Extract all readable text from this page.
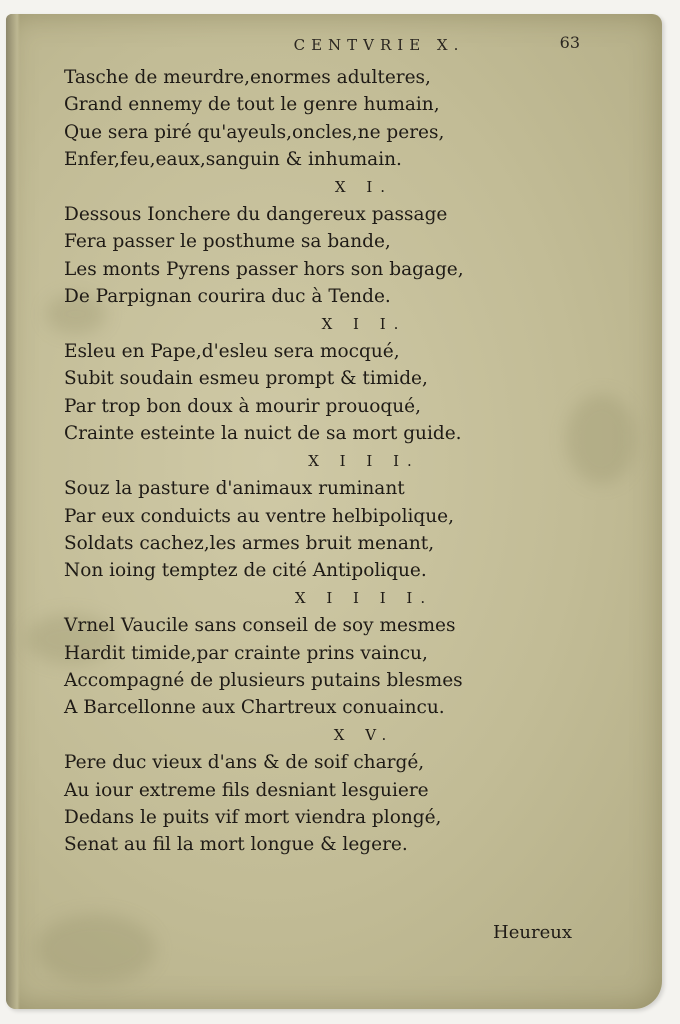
CENTVRIE X.	63

Tasche de meurdre,enormes adulteres,

Grand ennemy de tout le genre humain,

Que sera piré qu'ayeuls,oncles,ne peres,

Enfer,feu,eaux,sanguin & inhumain.

X I.

Dessous Ionchere du dangereux passage

Fera passer le posthume sa bande,

Les monts Pyrens passer hors son bagage,

De Parpignan courira duc à Tende.

X I I.

Esleu en Pape,d'esleu sera mocqué,

Subit soudain esmeu prompt & timide,

Par trop bon doux à mourir prouoqué,

Crainte esteinte la nuict de sa mort guide.

X I I I.

Souz la pasture d'animaux ruminant

Par eux conduicts au ventre helbipolique,

Soldats cachez,les armes bruit menant,

Non ioing temptez de cité Antipolique.

X I I I I.

Vrnel Vaucile sans conseil de soy mesmes

Hardit timide,par crainte prins vaincu,

Accompagné de plusieurs putains blesmes

A Barcellonne aux Chartreux conuaincu.

X V.

Pere duc vieux d'ans & de soif chargé,

Au iour extreme fils desniant lesguiere

Dedans le puits vif mort viendra plongé,

Senat au fil la mort longue & legere.

Heureux
